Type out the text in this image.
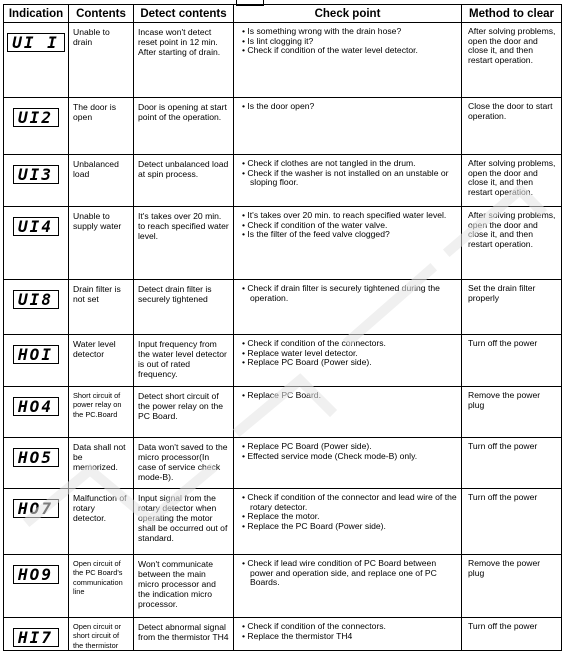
Indication	Contents	Detect contents	Check point	Method to clear
UI I	Unable to drain	Incase won't detect reset point in 12 min. After starting of drain.	• Is something wrong with the drain hose?
• Is lint clogging it?
• Check if condition of the water level detector.	After solving problems, open the door and close it, and then restart operation.
UI2	The door is open	Door is opening at start point of the operation.	• Is the door open?	Close the door to start operation.
UI3	Unbalanced load	Detect unbalanced load at spin process.	• Check if clothes are not tangled in the drum.
• Check if the washer is not installed on an unstable or sloping floor.	After solving problems, open the door and close it, and then restart operation.
UI4	Unable to supply water	It's takes over 20 min. to reach specified water level.	• It's takes over 20 min. to reach specified water level.
• Check if condition of the water valve.
• Is the filter of the feed valve clogged?	After solving problems, open the door and close it, and then restart operation.
UI8	Drain filter is not set	Detect drain filter is securely tightened	• Check if drain filter is securely tightened during the operation.	Set the drain filter properly
HOI	Water level detector	Input frequency from the water level detector is out of rated frequency.	• Check if condition of the connectors.
• Replace water level detector.
• Replace PC Board (Power side).	Turn off the power
HO4	Short circuit of power relay on the PC.Board	Detect short circuit of the power relay on the PC Board.	• Replace PC Board.	Remove the power plug
HO5	Data shall not be memorized.	Data won't saved to the micro processor(In case of service check mode-B).	• Replace PC Board (Power side).
• Effected service mode (Check mode-B) only.	Turn off the power
HO7	Malfunction of rotary detector.	Input signal from the rotary detector when operating the motor shall be occurred out of standard.	• Check if condition of the connector and lead wire of the rotary detector.
• Replace the motor.
• Replace the PC Board (Power side).	Turn off the power
HO9	Open circuit of the PC Board's communication line	Won't communicate between the main micro processor and the indication micro processor.	• Check if lead wire condition of PC Board between power and operation side, and replace one of PC Boards.	Remove the power plug
HI7	Open circuit or short circuit of the thermistor	Detect abnormal signal from the thermistor TH4	• Check if condition of the connectors.
• Replace the thermistor TH4	Turn off the power
